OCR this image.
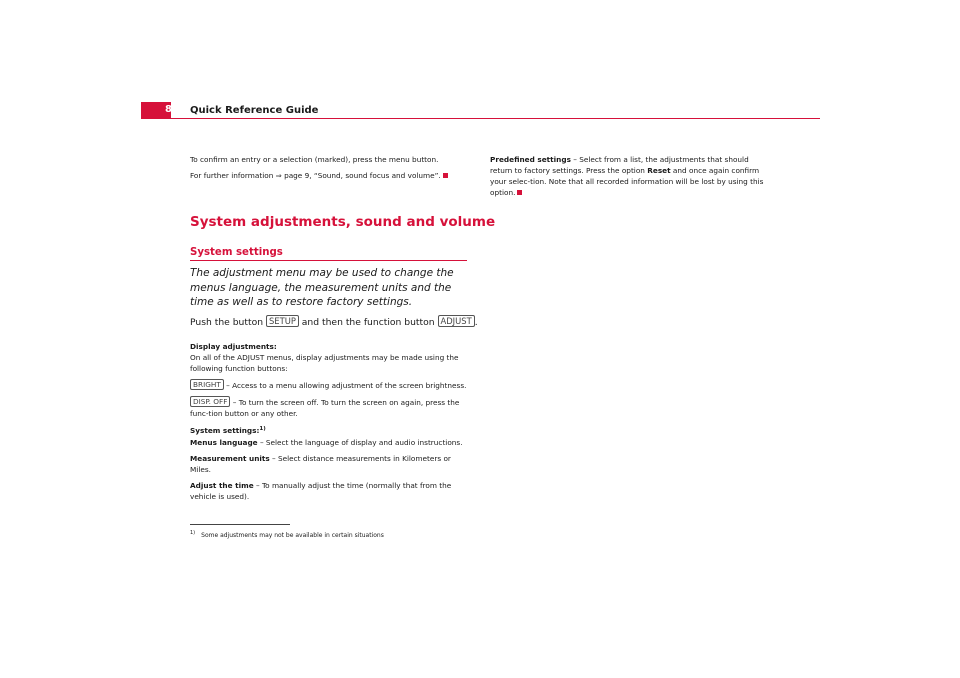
8 Quick Reference Guide

To confirm an entry or a selection (marked), press the menu button.

For further information ⇒ page 9, “Sound, sound focus and volume”.

Predefined settings – Select from a list, the adjustments that should return to factory settings. Press the option Reset and once again confirm your selec-tion. Note that all recorded information will be lost by using this option.

System adjustments, sound and volume
System settings
The adjustment menu may be used to change the menus language, the measurement units and the time as well as to restore factory settings.
Push the button SETUP and then the function button ADJUST .

Display adjustments:

On all of the ADJUST menus, display adjustments may be made using the following function buttons:

BRIGHT – Access to a menu allowing adjustment of the screen brightness.

DISP. OFF – To turn the screen off. To turn the screen on again, press the func-tion button or any other.

System settings:$^{1)}$

Menus language – Select the language of display and audio instructions.

Measurement units – Select distance measurements in Kilometers or Miles.

Adjust the time – To manually adjust the time (normally that from the vehicle is used).

$^{1)}$ Some adjustments may not be available in certain situations
